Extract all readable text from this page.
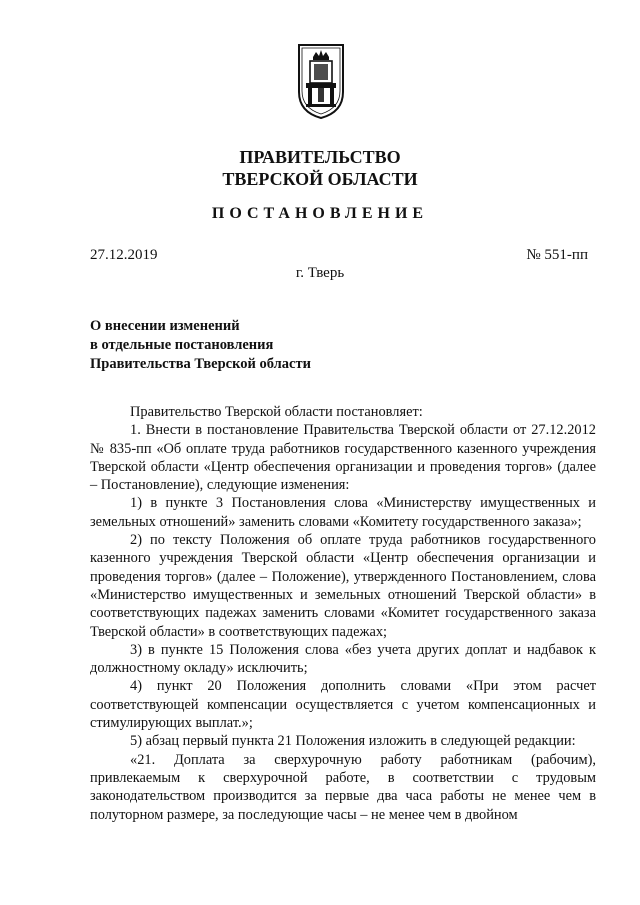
ПРАВИТЕЛЬСТВО
ТВЕРСКОЙ ОБЛАСТИ
ПОСТАНОВЛЕНИЕ
27.12.2019	№ 551-пп
г. Тверь
О внесении изменений
в отдельные постановления
Правительства Тверской области

Правительство Тверской области постановляет:

1. Внести в постановление Правительства Тверской области от 27.12.2012 № 835-пп «Об оплате труда работников государственного казенного учреждения Тверской области «Центр обеспечения организации и проведения торгов» (далее – Постановление), следующие изменения:

1) в пункте 3 Постановления слова «Министерству имущественных и земельных отношений» заменить словами «Комитету государственного заказа»;

2) по тексту Положения об оплате труда работников государственного казенного учреждения Тверской области «Центр обеспечения организации и проведения торгов» (далее – Положение), утвержденного Постановлением, слова «Министерство имущественных и земельных отношений Тверской области» в соответствующих падежах заменить словами «Комитет государственного заказа Тверской области» в соответствующих падежах;

3) в пункте 15 Положения слова «без учета других доплат и надбавок к должностному окладу» исключить;

4) пункт 20 Положения дополнить словами «При этом расчет соответствующей компенсации осуществляется с учетом компенсационных и стимулирующих выплат.»;

5) абзац первый пункта 21 Положения изложить в следующей редакции:

«21. Доплата за сверхурочную работу работникам (рабочим), привлекаемым к сверхурочной работе, в соответствии с трудовым законодательством производится за первые два часа работы не менее чем в полуторном размере, за последующие часы – не менее чем в двойном
